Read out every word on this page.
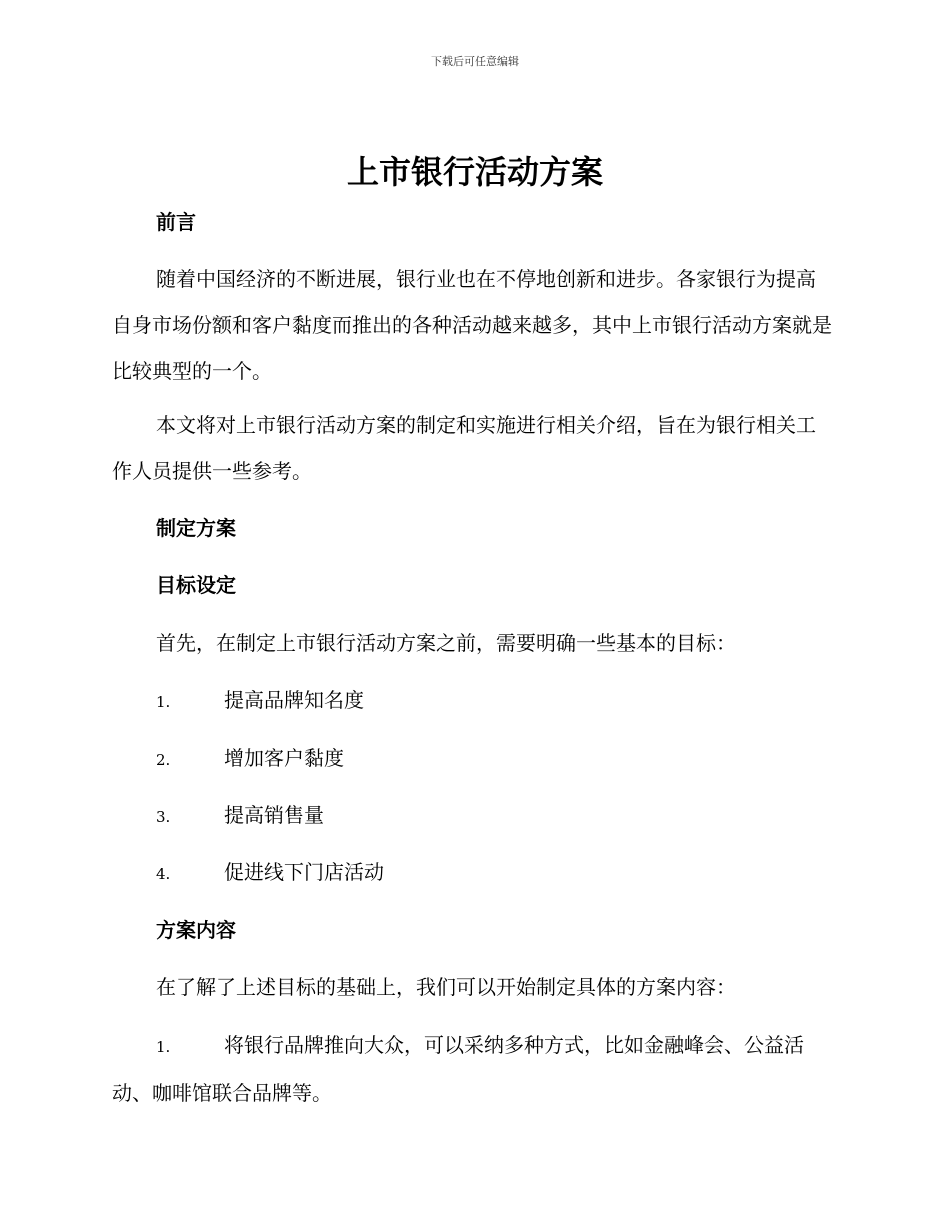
下载后可任意编辑
上市银行活动方案
前言

随着中国经济的不断进展，银行业也在不停地创新和进步。各家银行为提高自身市场份额和客户黏度而推出的各种活动越来越多，其中上市银行活动方案就是比较典型的一个。

本文将对上市银行活动方案的制定和实施进行相关介绍，旨在为银行相关工作人员提供一些参考。

制定方案
目标设定
首先，在制定上市银行活动方案之前，需要明确一些基本的目标：
1.	提高品牌知名度
2.	增加客户黏度
3.	提高销售量
4.	促进线下门店活动
方案内容
在了解了上述目标的基础上，我们可以开始制定具体的方案内容：

1.	将银行品牌推向大众，可以采纳多种方式，比如金融峰会、公益活动、咖啡馆联合品牌等。
